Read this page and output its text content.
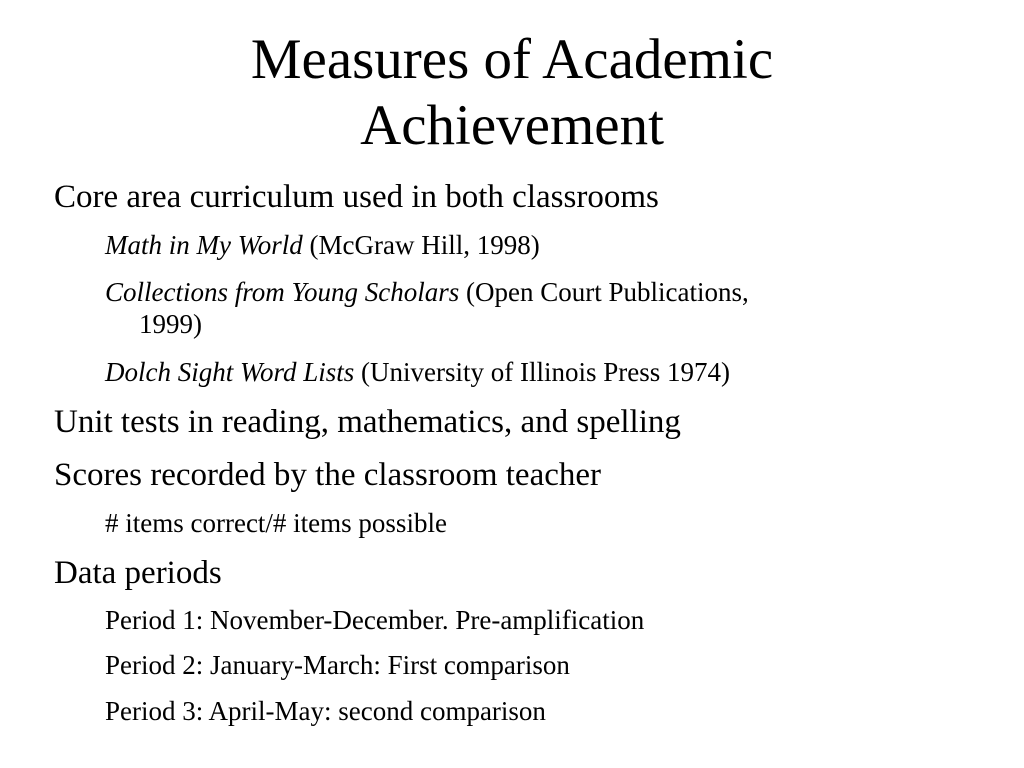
Measures of Academic
Achievement
Core area curriculum used in both classrooms
Math in My World (McGraw Hill, 1998)
Collections from Young Scholars (Open Court Publications,
1999)
Dolch Sight Word Lists (University of Illinois Press 1974)
Unit tests in reading, mathematics, and spelling
Scores recorded by the classroom teacher
# items correct/# items possible
Data periods
Period 1: November-December. Pre-amplification
Period 2: January-March: First comparison
Period 3: April-May: second comparison
